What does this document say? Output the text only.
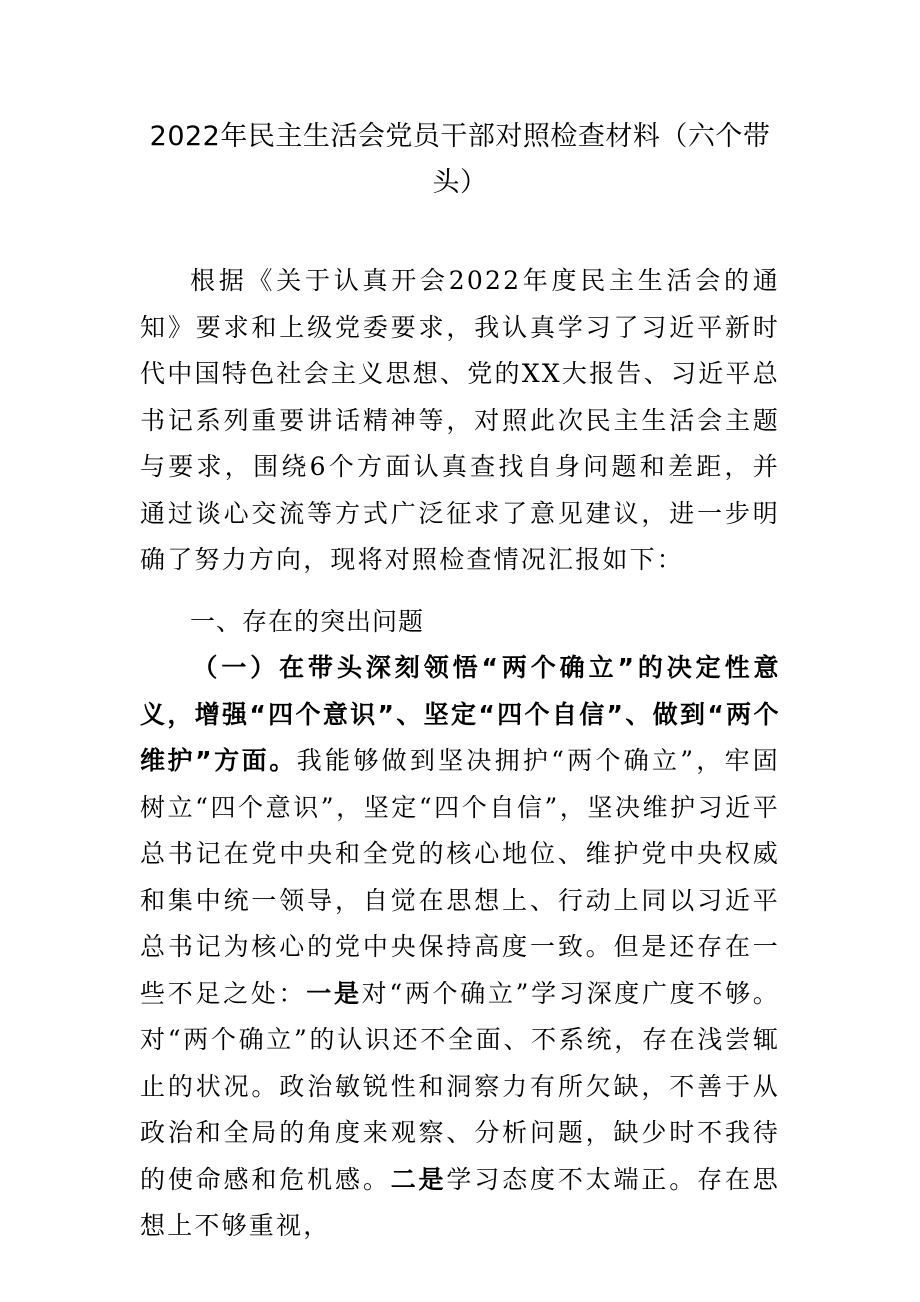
2022年民主生活会党员干部对照检查材料（六个带头）

根据《关于认真开会2022年度民主生活会的通知》要求和上级党委要求，我认真学习了习近平新时代中国特色社会主义思想、党的XX大报告、习近平总书记系列重要讲话精神等，对照此次民主生活会主题与要求，围绕6个方面认真查找自身问题和差距，并通过谈心交流等方式广泛征求了意见建议，进一步明确了努力方向，现将对照检查情况汇报如下：

一、存在的突出问题

（一）在带头深刻领悟“两个确立”的决定性意义，增强“四个意识”、坚定“四个自信”、做到“两个维护”方面。我能够做到坚决拥护“两个确立”，牢固树立“四个意识”，坚定“四个自信”，坚决维护习近平总书记在党中央和全党的核心地位、维护党中央权威和集中统一领导，自觉在思想上、行动上同以习近平总书记为核心的党中央保持高度一致。但是还存在一些不足之处：一是对“两个确立”学习深度广度不够。对“两个确立”的认识还不全面、不系统，存在浅尝辄止的状况。政治敏锐性和洞察力有所欠缺，不善于从政治和全局的角度来观察、分析问题，缺少时不我待的使命感和危机感。二是学习态度不太端正。存在思想上不够重视，
